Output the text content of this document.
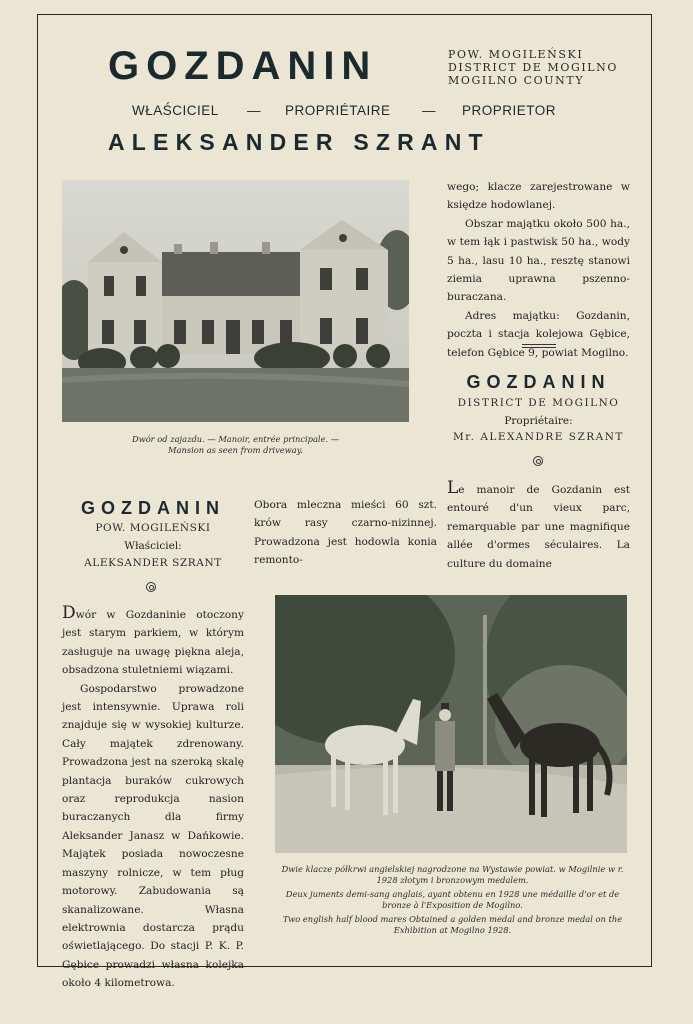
GOZDANIN	POW. MOGILEŃSKI
DISTRICT DE MOGILNO
MOGILNO COUNTY
WŁAŚCICIEL — PROPRIÉTAIRE — PROPRIETOR
ALEKSANDER SZRANT
Dwór od zajazdu. — Manoir, entrée principale. —
Mansion as seen from driveway.
wego; klacze zarejestrowane w księdze hodowlanej.
Obszar majątku około 500 ha., w tem łąk i pastwisk 50 ha., wody 5 ha., lasu 10 ha., resztę stanowi ziemia uprawna pszenno-buraczana.
Adres majątku: Gozdanin, poczta i stacja kolejowa Gębice, telefon Gębice 9, powiat Mogilno.
GOZDANIN
DISTRICT DE MOGILNO
Propriétaire:
Mr. ALEXANDRE SZRANT
Le manoir de Gozdanin est entouré d'un vieux parc, remarquable par une magnifique allée d'ormes séculaires. La culture du domaine
GOZDANIN
POW. MOGILEŃSKI
Właściciel:
ALEKSANDER SZRANT
Dwór w Gozdaninie otoczony jest starym parkiem, w którym zasługuje na uwagę piękna aleja, obsadzona stuletniemi wiązami.
Gospodarstwo prowadzone jest intensywnie. Uprawa roli znajduje się w wysokiej kulturze. Cały majątek zdrenowany. Prowadzona jest na szeroką skalę plantacja buraków cukrowych oraz reprodukcja nasion buraczanych dla firmy Aleksander Janasz w Dańkowie. Majątek posiada nowoczesne maszyny rolnicze, w tem pług motorowy. Zabudowania są skanalizowane. Własna elektrownia dostarcza prądu oświetlającego. Do stacji P. K. P. Gębice prowadzi własna kolejka około 4 kilometrowa.
Obora mleczna mieści 60 szt. krów rasy czarno-nizinnej. Prowadzona jest hodowla konia remonto-
Dwie klacze półkrwi angielskiej nagrodzone na Wystawie powiat. w Mogilnie w r. 1928 złotym i bronzowym medalem.
Deux juments demi-sang anglais, ayant obtenu en 1928 une médaille d'or et de bronze à l'Exposition de Mogilno.
Two english half blood mares Obtained a golden medal and bronze medal on the Exhibition at Mogilno 1928.
